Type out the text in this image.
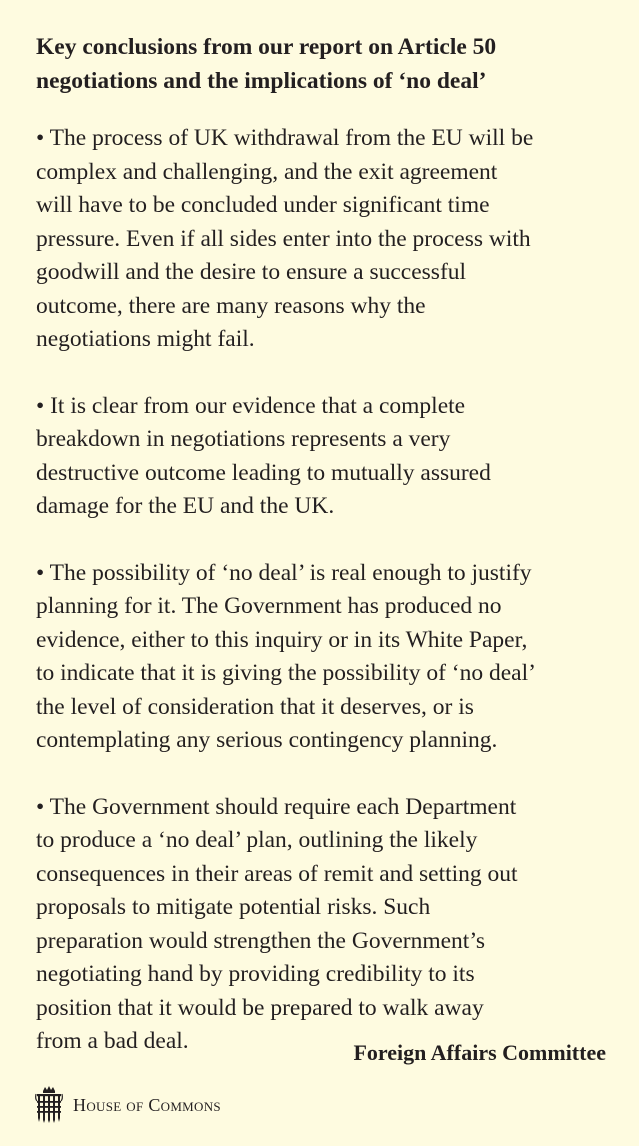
Key conclusions from our report on Article 50
negotiations and the implications of ‘no deal’
• The process of UK withdrawal from the EU will be
complex and challenging, and the exit agreement
will have to be concluded under significant time
pressure. Even if all sides enter into the process with
goodwill and the desire to ensure a successful
outcome, there are many reasons why the
negotiations might fail.
• It is clear from our evidence that a complete
breakdown in negotiations represents a very
destructive outcome leading to mutually assured
damage for the EU and the UK.
• The possibility of ‘no deal’ is real enough to justify
planning for it. The Government has produced no
evidence, either to this inquiry or in its White Paper,
to indicate that it is giving the possibility of ‘no deal’
the level of consideration that it deserves, or is
contemplating any serious contingency planning.
• The Government should require each Department
to produce a ‘no deal’ plan, outlining the likely
consequences in their areas of remit and setting out
proposals to mitigate potential risks. Such
preparation would strengthen the Government’s
negotiating hand by providing credibility to its
position that it would be prepared to walk away
from a bad deal.	Foreign Affairs Committee

HOUSE OF COMMONS
